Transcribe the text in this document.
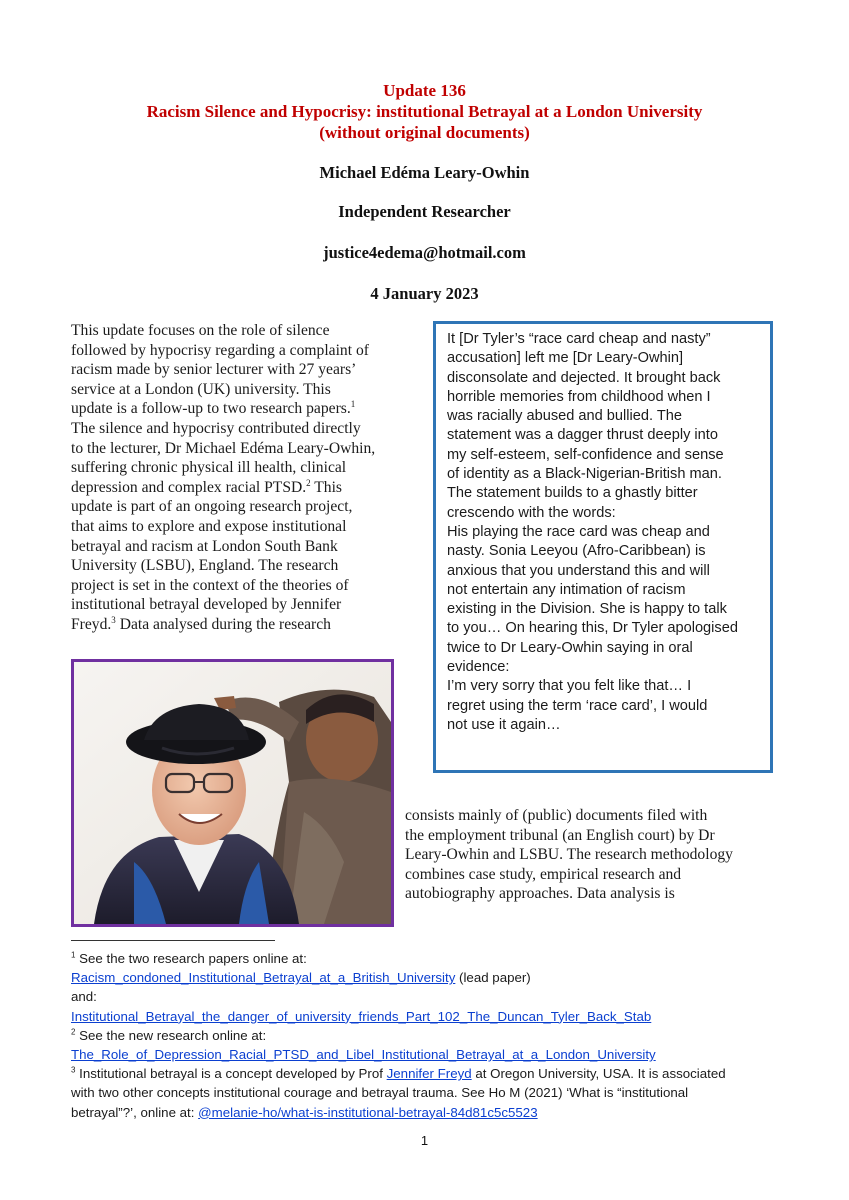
Update 136
Racism Silence and Hypocrisy: institutional Betrayal at a London University
(without original documents)
Michael Edéma Leary-Owhin
Independent Researcher
justice4edema@hotmail.com
4 January 2023
This update focuses on the role of silence
followed by hypocrisy regarding a complaint of
racism made by senior lecturer with 27 years’
service at a London (UK) university. This
update is a follow-up to two research papers.$^1$
The silence and hypocrisy contributed directly
to the lecturer, Dr Michael Edéma Leary-Owhin,
suffering chronic physical ill health, clinical
depression and complex racial PTSD.$^2$ This
update is part of an ongoing research project,
that aims to explore and expose institutional
betrayal and racism at London South Bank
University (LSBU), England. The research
project is set in the context of the theories of
institutional betrayal developed by Jennifer
Freyd.$^3$ Data analysed during the research

It [Dr Tyler’s “race card cheap and nasty”

accusation] left me [Dr Leary-Owhin]

disconsolate and dejected. It brought back

horrible memories from childhood when I

was racially abused and bullied. The

statement was a dagger thrust deeply into

my self-esteem, self-confidence and sense

of identity as a Black-Nigerian-British man.

The statement builds to a ghastly bitter

crescendo with the words:

His playing the race card was cheap and

nasty. Sonia Leeyou (Afro-Caribbean) is

anxious that you understand this and will

not entertain any intimation of racism

existing in the Division. She is happy to talk

to you… On hearing this, Dr Tyler apologised

twice to Dr Leary-Owhin saying in oral

evidence:

I’m very sorry that you felt like that… I

regret using the term ‘race card’, I would

not use it again…

consists mainly of (public) documents filed with
the employment tribunal (an English court) by Dr
Leary-Owhin and LSBU. The research methodology
combines case study, empirical research and
autobiography approaches. Data analysis is
$^1$ See the two research papers online at:
Racism_condoned_Institutional_Betrayal_at_a_British_University (lead paper)
and:
Institutional_Betrayal_the_danger_of_university_friends_Part_102_The_Duncan_Tyler_Back_Stab
$^2$ See the new research online at:
The_Role_of_Depression_Racial_PTSD_and_Libel_Institutional_Betrayal_at_a_London_University
$^3$ Institutional betrayal is a concept developed by Prof Jennifer Freyd at Oregon University, USA. It is associated
with two other concepts institutional courage and betrayal trauma. See Ho M (2021) ‘What is “institutional
betrayal”?’, online at: @melanie-ho/what-is-institutional-betrayal-84d81c5c5523
1
